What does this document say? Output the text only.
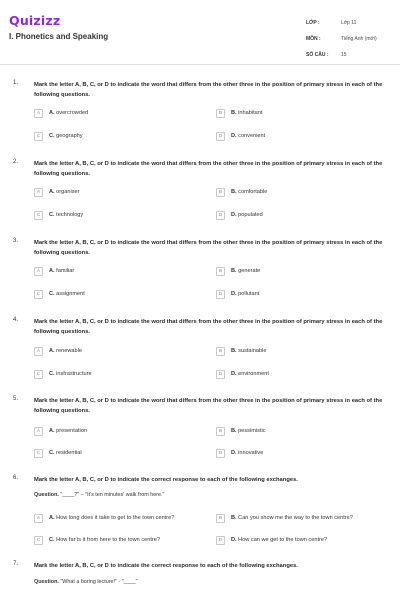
Quizizz
I. Phonetics and Speaking
LỚP :	Lớp 11
MÔN :	Tiếng Anh (mới)
SỐ CÂU :	15
1.	Mark the letter A, B, C, or D to indicate the word that differs from the other three in the position of primary stress in each of the following questions.
A	A. overcrowded	B	B. inhabitant
C	C. geography	D	D. convenient
2.	Mark the letter A, B, C, or D to indicate the word that differs from the other three in the position of primary stress in each of the following questions.
A	A. organiser	B	B. comfortable
C	C. technology	D	D. populated
3.	Mark the letter A, B, C, or D to indicate the word that differs from the other three in the position of primary stress in each of the following questions.
A	A. familiar	B	B. generate
C	C. assignment	D	D. pollutant
4.	Mark the letter A, B, C, or D to indicate the word that differs from the other three in the position of primary stress in each of the following questions.
A	A. renewable	B	B. sustainable
C	C. insfrastructure	D	D. environment
5.	Mark the letter A, B, C, or D to indicate the word that differs from the other three in the position of primary stress in each of the following questions.
A	A. presentation	B	B. pessimistic
C	C. residential	D	D. innovative
6.	Mark the letter A, B, C, or D to indicate the correct response to each of the following exchanges.
Question. "____?" – "It's ten minutes' walk from here."
A	A. How long does it take to get to the town centre?	B	B. Can you show me the way to the town centre?
C	C. How far is it from here to the town centre?	D	D. How can we get to the town centre?
7.	Mark the letter A, B, C, or D to indicate the correct response to each of the following exchanges.
Question. "What a boring lecture!" - "____"
